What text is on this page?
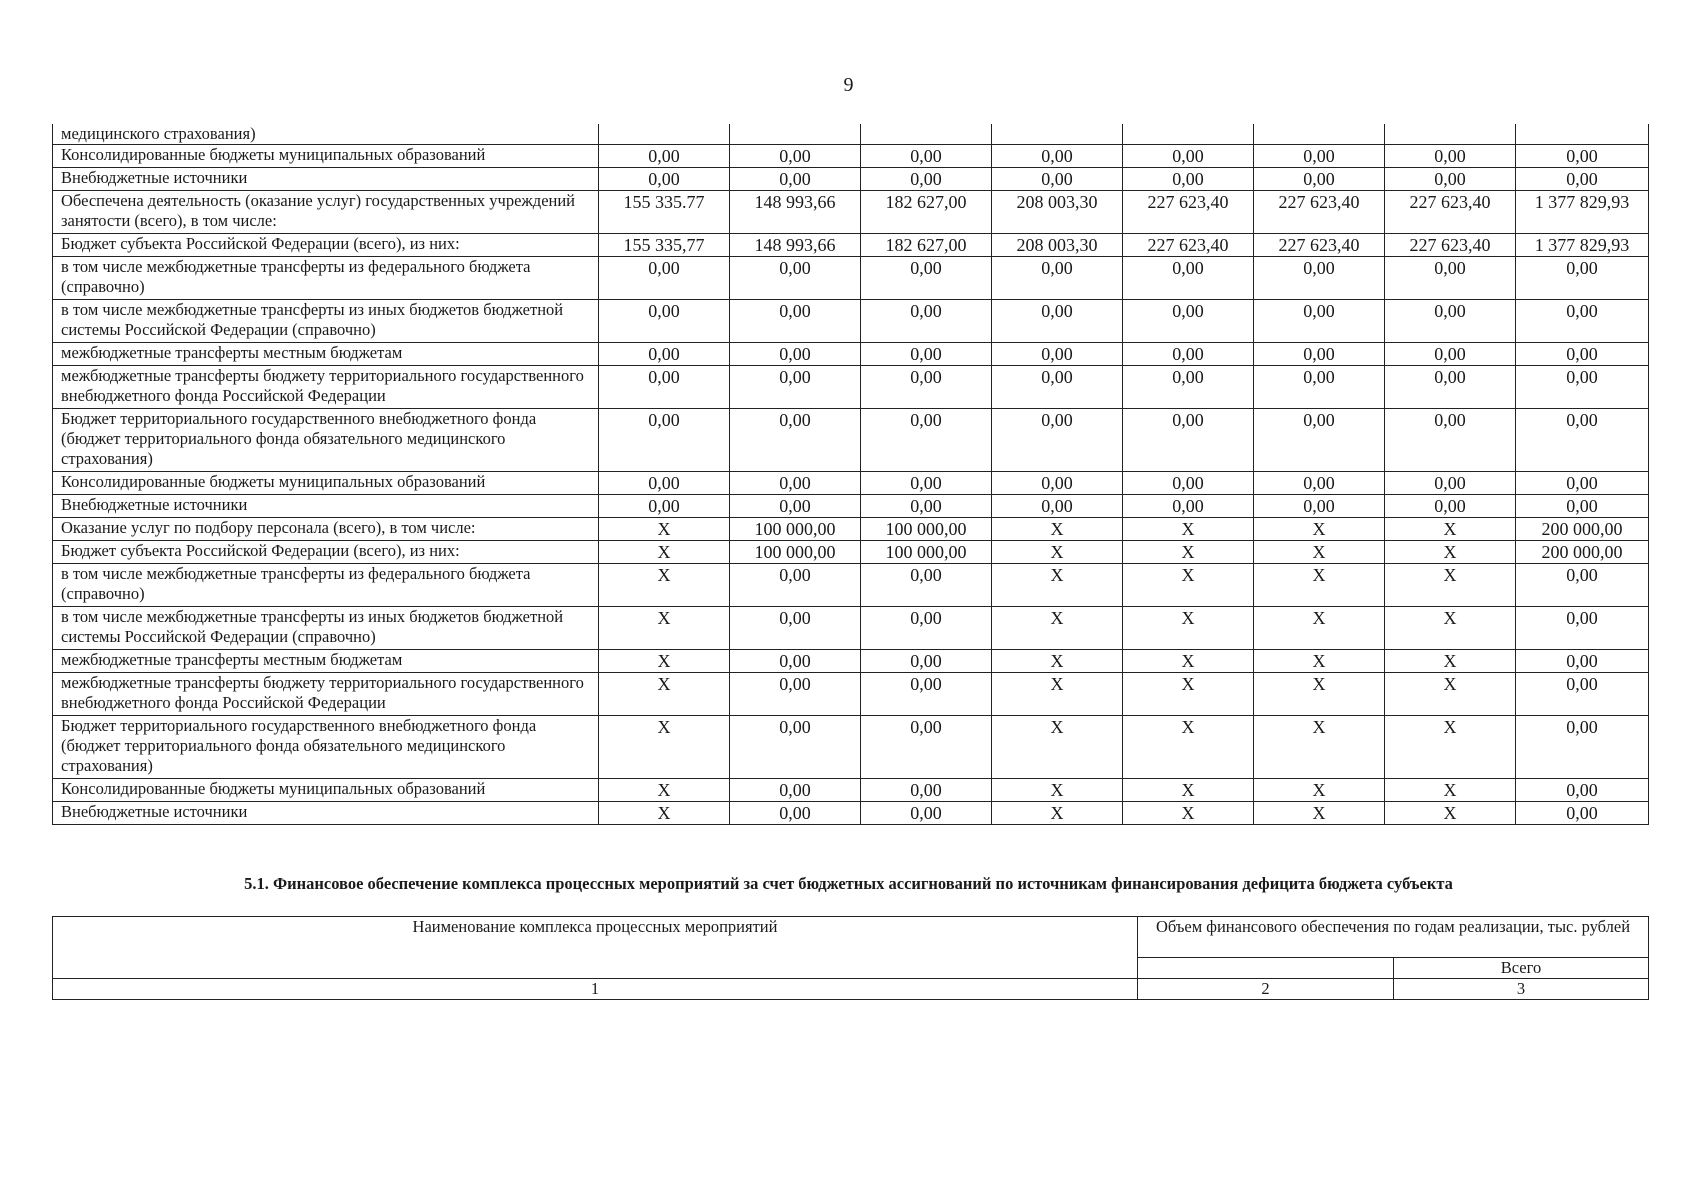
9
медицинского страхования)								
Консолидированные бюджеты муниципальных образований	0,00	0,00	0,00	0,00	0,00	0,00	0,00	0,00
Внебюджетные источники	0,00	0,00	0,00	0,00	0,00	0,00	0,00	0,00
Обеспечена деятельность (оказание услуг) государственных учреждений занятости (всего), в том числе:	155 335.77	148 993,66	182 627,00	208 003,30	227 623,40	227 623,40	227 623,40	1 377 829,93
Бюджет субъекта Российской Федерации (всего), из них:	155 335,77	148 993,66	182 627,00	208 003,30	227 623,40	227 623,40	227 623,40	1 377 829,93
в том числе межбюджетные трансферты из федерального бюджета (справочно)	0,00	0,00	0,00	0,00	0,00	0,00	0,00	0,00
в том числе межбюджетные трансферты из иных бюджетов бюджетной системы Российской Федерации (справочно)	0,00	0,00	0,00	0,00	0,00	0,00	0,00	0,00
межбюджетные трансферты местным бюджетам	0,00	0,00	0,00	0,00	0,00	0,00	0,00	0,00
межбюджетные трансферты бюджету территориального государственного внебюджетного фонда Российской Федерации	0,00	0,00	0,00	0,00	0,00	0,00	0,00	0,00
Бюджет территориального государственного внебюджетного фонда (бюджет территориального фонда обязательного медицинского страхования)	0,00	0,00	0,00	0,00	0,00	0,00	0,00	0,00
Консолидированные бюджеты муниципальных образований	0,00	0,00	0,00	0,00	0,00	0,00	0,00	0,00
Внебюджетные источники	0,00	0,00	0,00	0,00	0,00	0,00	0,00	0,00
Оказание услуг по подбору персонала (всего), в том числе:	X	100 000,00	100 000,00	X	X	X	X	200 000,00
Бюджет субъекта Российской Федерации (всего), из них:	X	100 000,00	100 000,00	X	X	X	X	200 000,00
в том числе межбюджетные трансферты из федерального бюджета (справочно)	X	0,00	0,00	X	X	X	X	0,00
в том числе межбюджетные трансферты из иных бюджетов бюджетной системы Российской Федерации (справочно)	X	0,00	0,00	X	X	X	X	0,00
межбюджетные трансферты местным бюджетам	X	0,00	0,00	X	X	X	X	0,00
межбюджетные трансферты бюджету территориального государственного внебюджетного фонда Российской Федерации	X	0,00	0,00	X	X	X	X	0,00
Бюджет территориального государственного внебюджетного фонда (бюджет территориального фонда обязательного медицинского страхования)	X	0,00	0,00	X	X	X	X	0,00
Консолидированные бюджеты муниципальных образований	X	0,00	0,00	X	X	X	X	0,00
Внебюджетные источники	X	0,00	0,00	X	X	X	X	0,00
5.1. Финансовое обеспечение комплекса процессных мероприятий за счет бюджетных ассигнований по источникам финансирования дефицита бюджета субъекта
Наименование комплекса процессных мероприятий	Объем финансового обеспечения по годам реализации, тыс. рублей	
		Всего
1	2	3
